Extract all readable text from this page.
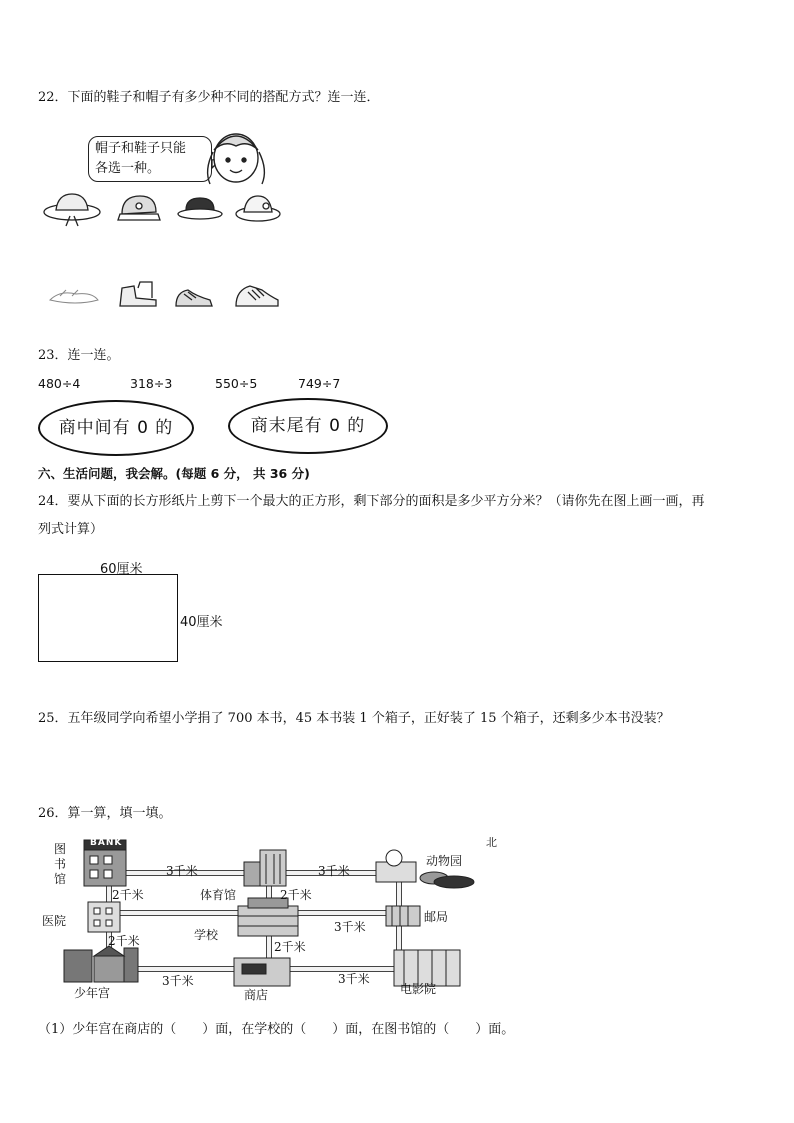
22．下面的鞋子和帽子有多少种不同的搭配方式？连一连．
帽子和鞋子只能
各选一种。
23．连一连。
480÷4	318÷3	550÷5	749÷7
商中间有 0 的	商末尾有 0 的
六、生活问题，我会解。(每题 6 分， 共 36 分)
24．要从下面的长方形纸片上剪下一个最大的正方形，剩下部分的面积是多少平方分米？（请你先在图上画一画，再
列式计算）
60厘米
40厘米
25．五年级同学向希望小学捐了 700 本书，45 本书装 1 个箱子，正好装了 15 个箱子，还剩多少本书没装？
26．算一算，填一填。
BANK
图
书
馆
3千米	3千米
动物园
北
2千米	体育馆	2千米
医院	3千米
邮局
2千米	学校
2千米
3千米	3千米
少年宫	商店	电影院
（1）少年宫在商店的（　　）面，在学校的（　　）面，在图书馆的（　　）面。
